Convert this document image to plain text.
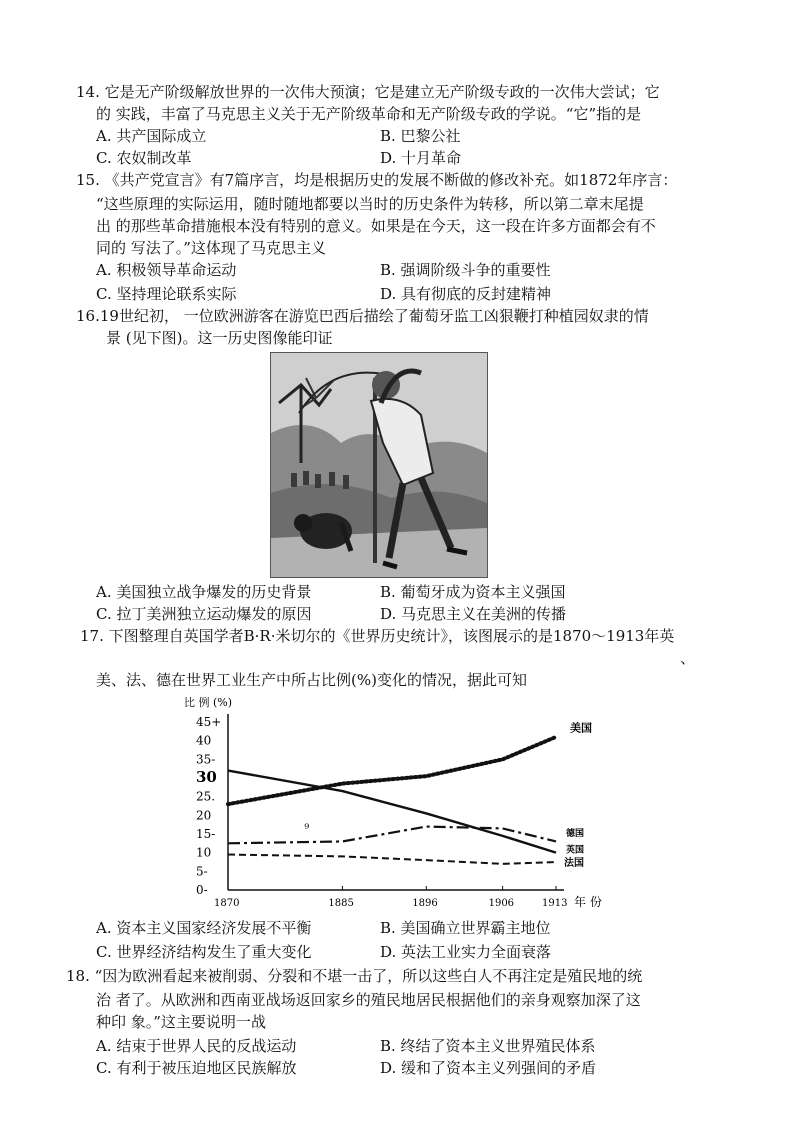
14. 它是无产阶级解放世界的一次伟大预演；它是建立无产阶级专政的一次伟大尝试；它
的 实践，丰富了马克思主义关于无产阶级革命和无产阶级专政的学说。“它”指的是
A. 共产国际成立	B. 巴黎公社
C. 农奴制改革	D. 十月革命
15. 《共产党宣言》有7篇序言，均是根据历史的发展不断做的修改补充。如1872年序言：
“这些原理的实际运用，随时随地都要以当时的历史条件为转移，所以第二章末尾提
出 的那些革命措施根本没有特别的意义。如果是在今天，这一段在许多方面都会有不
同的 写法了。”这体现了马克思主义
A. 积极领导革命运动	B. 强调阶级斗争的重要性
C. 坚持理论联系实际	D. 具有彻底的反封建精神
16.19世纪初， 一位欧洲游客在游览巴西后描绘了葡萄牙监工凶狠鞭打种植园奴隶的情
景 (见下图)。这一历史图像能印证
A. 美国独立战争爆发的历史背景	B. 葡萄牙成为资本主义强国
C. 拉丁美洲独立运动爆发的原因	D. 马克思主义在美洲的传播
17. 下图整理自英国学者B·R·米切尔的《世界历史统计》，该图展示的是1870～1913年英
、
美、法、德在世界工业生产中所占比例(%)变化的情况，据此可知
比 例 (%)
0-
5-
10
15-
20
25.
30
35-
40
45+
1870	1885	1896	1906	1913 年 份
⁹
美国
德国
英国
法国
A. 资本主义国家经济发展不平衡	B. 美国确立世界霸主地位
C. 世界经济结构发生了重大变化	D. 英法工业实力全面衰落
18. “因为欧洲看起来被削弱、分裂和不堪一击了，所以这些白人不再注定是殖民地的统
治 者了。从欧洲和西南亚战场返回家乡的殖民地居民根据他们的亲身观察加深了这
种印 象。”这主要说明一战
A. 结束于世界人民的反战运动	B. 终结了资本主义世界殖民体系
C. 有利于被压迫地区民族解放	D. 缓和了资本主义列强间的矛盾
